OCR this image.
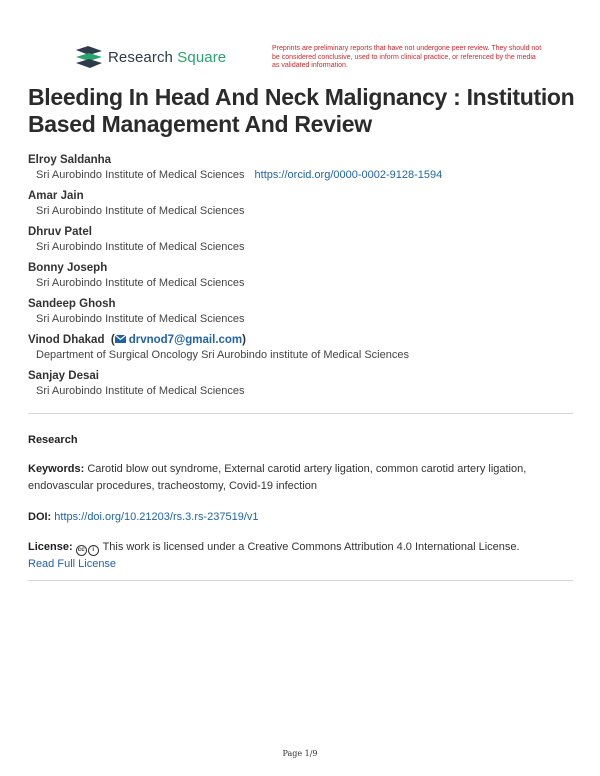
Research Square	Preprints are preliminary reports that have not undergone peer review. They should not be considered conclusive, used to inform clinical practice, or referenced by the media as validated information.
Bleeding In Head And Neck Malignancy : Institution Based Management And Review
Elroy Saldanha
Sri Aurobindo Institute of Medical Sciences https://orcid.org/0000-0002-9128-1594
Amar Jain
Sri Aurobindo Institute of Medical Sciences
Dhruv Patel
Sri Aurobindo Institute of Medical Sciences
Bonny Joseph
Sri Aurobindo Institute of Medical Sciences
Sandeep Ghosh
Sri Aurobindo Institute of Medical Sciences
Vinod Dhakad  ( drvnod7@gmail.com)
Department of Surgical Oncology Sri Aurobindo institute of Medical Sciences
Sanjay Desai
Sri Aurobindo Institute of Medical Sciences
Research
Keywords: Carotid blow out syndrome, External carotid artery ligation, common carotid artery ligation, endovascular procedures, tracheostomy, Covid-19 infection
DOI: https://doi.org/10.21203/rs.3.rs-237519/v1
License: cc i This work is licensed under a Creative Commons Attribution 4.0 International License.
Read Full License
Page 1/9
